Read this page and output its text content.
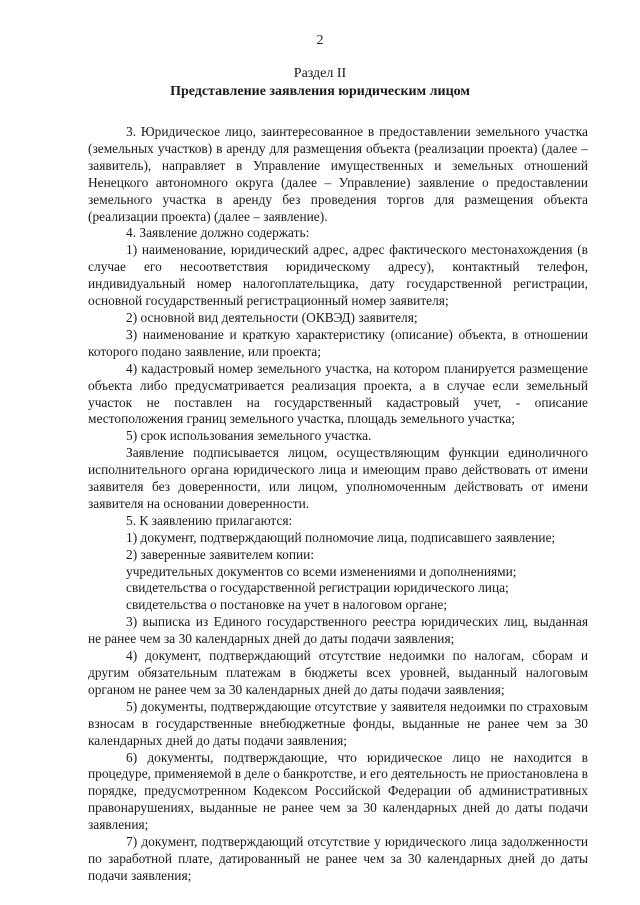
2
Раздел II
Представление заявления юридическим лицом

3. Юридическое лицо, заинтересованное в предоставлении земельного участка (земельных участков) в аренду для размещения объекта (реализации проекта) (далее – заявитель), направляет в Управление имущественных и земельных отношений Ненецкого автономного округа (далее – Управление) заявление о предоставлении земельного участка в аренду без проведения торгов для размещения объекта (реализации проекта) (далее – заявление).

4. Заявление должно содержать:

1) наименование, юридический адрес, адрес фактического местонахождения (в случае его несоответствия юридическому адресу), контактный телефон, индивидуальный номер налогоплательщика, дату государственной регистрации, основной государственный регистрационный номер заявителя;

2) основной вид деятельности (ОКВЭД) заявителя;

3) наименование и краткую характеристику (описание) объекта, в отношении которого подано заявление, или проекта;

4) кадастровый номер земельного участка, на котором планируется размещение объекта либо предусматривается реализация проекта, а в случае если земельный участок не поставлен на государственный кадастровый учет, - описание местоположения границ земельного участка, площадь земельного участка;

5) срок использования земельного участка.

Заявление подписывается лицом, осуществляющим функции единоличного исполнительного органа юридического лица и имеющим право действовать от имени заявителя без доверенности, или лицом, уполномоченным действовать от имени заявителя на основании доверенности.

5. К заявлению прилагаются:

1) документ, подтверждающий полномочие лица, подписавшего заявление;

2) заверенные заявителем копии:

учредительных документов со всеми изменениями и дополнениями;

свидетельства о государственной регистрации юридического лица;

свидетельства о постановке на учет в налоговом органе;

3) выписка из Единого государственного реестра юридических лиц, выданная не ранее чем за 30 календарных дней до даты подачи заявления;

4) документ, подтверждающий отсутствие недоимки по налогам, сборам и другим обязательным платежам в бюджеты всех уровней, выданный налоговым органом не ранее чем за 30 календарных дней до даты подачи заявления;

5) документы, подтверждающие отсутствие у заявителя недоимки по страховым взносам в государственные внебюджетные фонды, выданные не ранее чем за 30 календарных дней до даты подачи заявления;

6) документы, подтверждающие, что юридическое лицо не находится в процедуре, применяемой в деле о банкротстве, и его деятельность не приостановлена в порядке, предусмотренном Кодексом Российской Федерации об административных правонарушениях, выданные не ранее чем за 30 календарных дней до даты подачи заявления;

7) документ, подтверждающий отсутствие у юридического лица задолженности по заработной плате, датированный не ранее чем за 30 календарных дней до даты подачи заявления;
